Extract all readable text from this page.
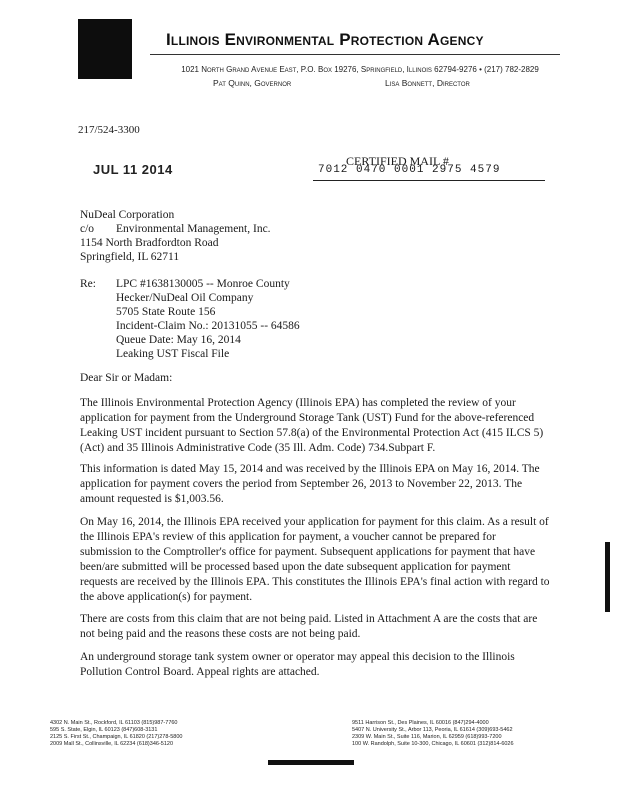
Illinois Environmental Protection Agency
1021 North Grand Avenue East, P.O. Box 19276, Springfield, Illinois 62794-9276 • (217) 782-2829
Pat Quinn, Governor	Lisa Bonnett, Director
217/524-3300
JUL 11 2014
CERTIFIED MAIL #
7012 0470 0001 2975 4579
NuDeal Corporation
c/o Environmental Management, Inc.
1154 North Bradfordton Road
Springfield, IL 62711
Re: LPC #1638130005 -- Monroe County
Hecker/NuDeal Oil Company
5705 State Route 156
Incident-Claim No.: 20131055 -- 64586
Queue Date: May 16, 2014
Leaking UST Fiscal File
Dear Sir or Madam:
The Illinois Environmental Protection Agency (Illinois EPA) has completed the review of your application for payment from the Underground Storage Tank (UST) Fund for the above-referenced Leaking UST incident pursuant to Section 57.8(a) of the Environmental Protection Act (415 ILCS 5) (Act) and 35 Illinois Administrative Code (35 Ill. Adm. Code) 734.Subpart F.
This information is dated May 15, 2014 and was received by the Illinois EPA on May 16, 2014. The application for payment covers the period from September 26, 2013 to November 22, 2013. The amount requested is $1,003.56.
On May 16, 2014, the Illinois EPA received your application for payment for this claim. As a result of the Illinois EPA's review of this application for payment, a voucher cannot be prepared for submission to the Comptroller's office for payment. Subsequent applications for payment that have been/are submitted will be processed based upon the date subsequent application for payment requests are received by the Illinois EPA. This constitutes the Illinois EPA's final action with regard to the above application(s) for payment.
There are costs from this claim that are not being paid. Listed in Attachment A are the costs that are not being paid and the reasons these costs are not being paid.
An underground storage tank system owner or operator may appeal this decision to the Illinois Pollution Control Board. Appeal rights are attached.
4302 N. Main St., Rockford, IL 61103 (815)987-7760
595 S. State, Elgin, IL 60123 (847)608-3131
2125 S. First St., Champaign, IL 61820 (217)278-5800
2009 Mall St., Collinsville, IL 62234 (618)346-5120
9511 Harrison St., Des Plaines, IL 60016 (847)294-4000
5407 N. University St., Arbor 113, Peoria, IL 61614 (309)693-5462
2309 W. Main St., Suite 116, Marion, IL 62959 (618)993-7200
100 W. Randolph, Suite 10-300, Chicago, IL 60601 (312)814-6026
